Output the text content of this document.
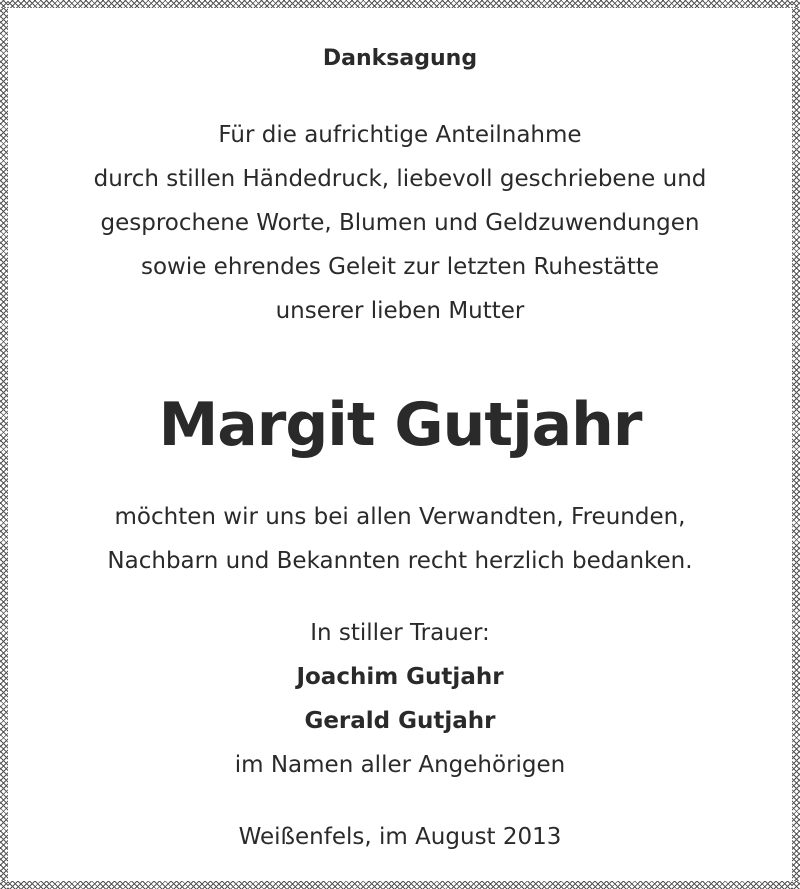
Danksagung
Für die aufrichtige Anteilnahme
durch stillen Händedruck, liebevoll geschriebene und
gesprochene Worte, Blumen und Geldzuwendungen
sowie ehrendes Geleit zur letzten Ruhestätte
unserer lieben Mutter
Margit Gutjahr
möchten wir uns bei allen Verwandten, Freunden,
Nachbarn und Bekannten recht herzlich bedanken.
In stiller Trauer:
Joachim Gutjahr
Gerald Gutjahr
im Namen aller Angehörigen
Weißenfels, im August 2013
